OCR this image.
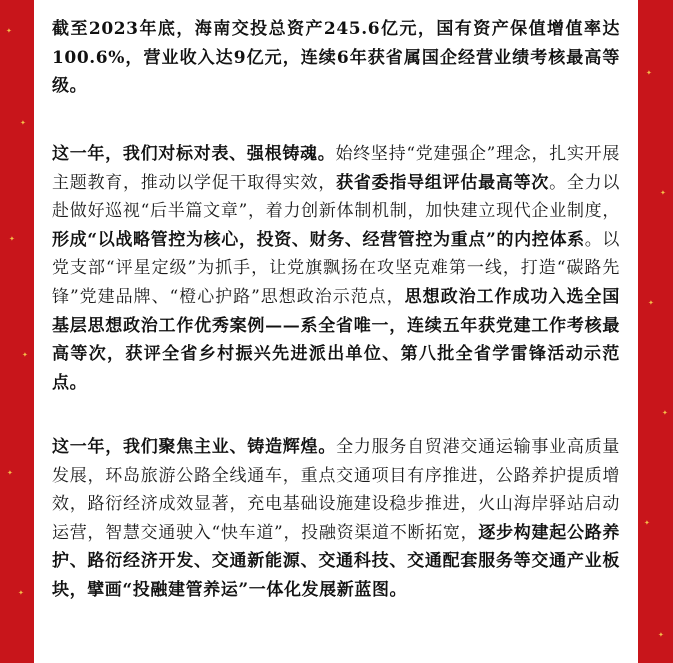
✦
✦
✦
✦
✦
✦

截至2023年底，海南交投总资产245.6亿元，国有资产保值增值率达100.6%，营业收入达9亿元，连续6年获省属国企经营业绩考核最高等级。

这一年，我们对标对表、强根铸魂。始终坚持“党建强企”理念，扎实开展主题教育，推动以学促干取得实效，获省委指导组评估最高等次。全力以赴做好巡视“后半篇文章”，着力创新体制机制，加快建立现代企业制度，形成“以战略管控为核心，投资、财务、经营管控为重点”的内控体系。以党支部“评星定级”为抓手，让党旗飘扬在攻坚克难第一线，打造“碳路先锋”党建品牌、“橙心护路”思想政治示范点，思想政治工作成功入选全国基层思想政治工作优秀案例——系全省唯一，连续五年获党建工作考核最高等次，获评全省乡村振兴先进派出单位、第八批全省学雷锋活动示范点。

这一年，我们聚焦主业、铸造辉煌。全力服务自贸港交通运输事业高质量发展，环岛旅游公路全线通车，重点交通项目有序推进，公路养护提质增效，路衍经济成效显著，充电基础设施建设稳步推进，火山海岸驿站启动运营，智慧交通驶入“快车道”，投融资渠道不断拓宽，逐步构建起公路养护、路衍经济开发、交通新能源、交通科技、交通配套服务等交通产业板块，擘画“投融建管养运”一体化发展新蓝图。

✦
✦
✦
✦
✦
✦
